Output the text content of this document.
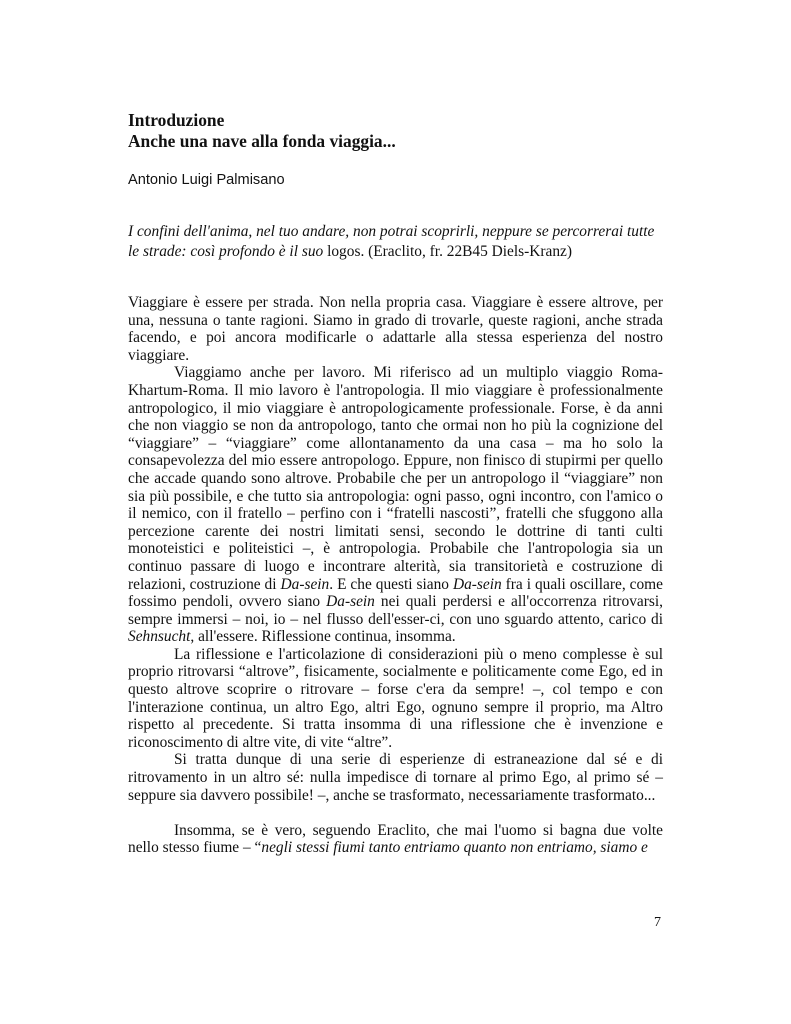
Introduzione

Anche una nave alla fonda viaggia...

Antonio Luigi Palmisano

I confini dell'anima, nel tuo andare, non potrai scoprirli, neppure se percorrerai tutte le strade: così profondo è il suo logos. (Eraclito, fr. 22B45 Diels-Kranz)

Viaggiare è essere per strada. Non nella propria casa. Viaggiare è essere altrove, per una, nessuna o tante ragioni. Siamo in grado di trovarle, queste ragioni, anche strada facendo, e poi ancora modificarle o adattarle alla stessa esperienza del nostro viaggiare.

Viaggiamo anche per lavoro. Mi riferisco ad un multiplo viaggio Roma-Khartum-Roma. Il mio lavoro è l'antropologia. Il mio viaggiare è professionalmente antropologico, il mio viaggiare è antropologicamente professionale. Forse, è da anni che non viaggio se non da antropologo, tanto che ormai non ho più la cognizione del “viaggiare” – “viaggiare” come allontanamento da una casa – ma ho solo la consapevolezza del mio essere antropologo. Eppure, non finisco di stupirmi per quello che accade quando sono altrove. Probabile che per un antropologo il “viaggiare” non sia più possibile, e che tutto sia antropologia: ogni passo, ogni incontro, con l'amico o il nemico, con il fratello – perfino con i “fratelli nascosti”, fratelli che sfuggono alla percezione carente dei nostri limitati sensi, secondo le dottrine di tanti culti monoteistici e politeistici –, è antropologia. Probabile che l'antropologia sia un continuo passare di luogo e incontrare alterità, sia transitorietà e costruzione di relazioni, costruzione di Da-sein. E che questi siano Da-sein fra i quali oscillare, come fossimo pendoli, ovvero siano Da-sein nei quali perdersi e all'occorrenza ritrovarsi, sempre immersi – noi, io – nel flusso dell'esser-ci, con uno sguardo attento, carico di Sehnsucht, all'essere. Riflessione continua, insomma.

La riflessione e l'articolazione di considerazioni più o meno complesse è sul proprio ritrovarsi “altrove”, fisicamente, socialmente e politicamente come Ego, ed in questo altrove scoprire o ritrovare – forse c'era da sempre! –, col tempo e con l'interazione continua, un altro Ego, altri Ego, ognuno sempre il proprio, ma Altro rispetto al precedente. Si tratta insomma di una riflessione che è invenzione e riconoscimento di altre vite, di vite “altre”.

Si tratta dunque di una serie di esperienze di estraneazione dal sé e di ritrovamento in un altro sé: nulla impedisce di tornare al primo Ego, al primo sé – seppure sia davvero possibile! –, anche se trasformato, necessariamente trasformato...

Insomma, se è vero, seguendo Eraclito, che mai l'uomo si bagna due volte nello stesso fiume – “negli stessi fiumi tanto entriamo quanto non entriamo, siamo e

7
